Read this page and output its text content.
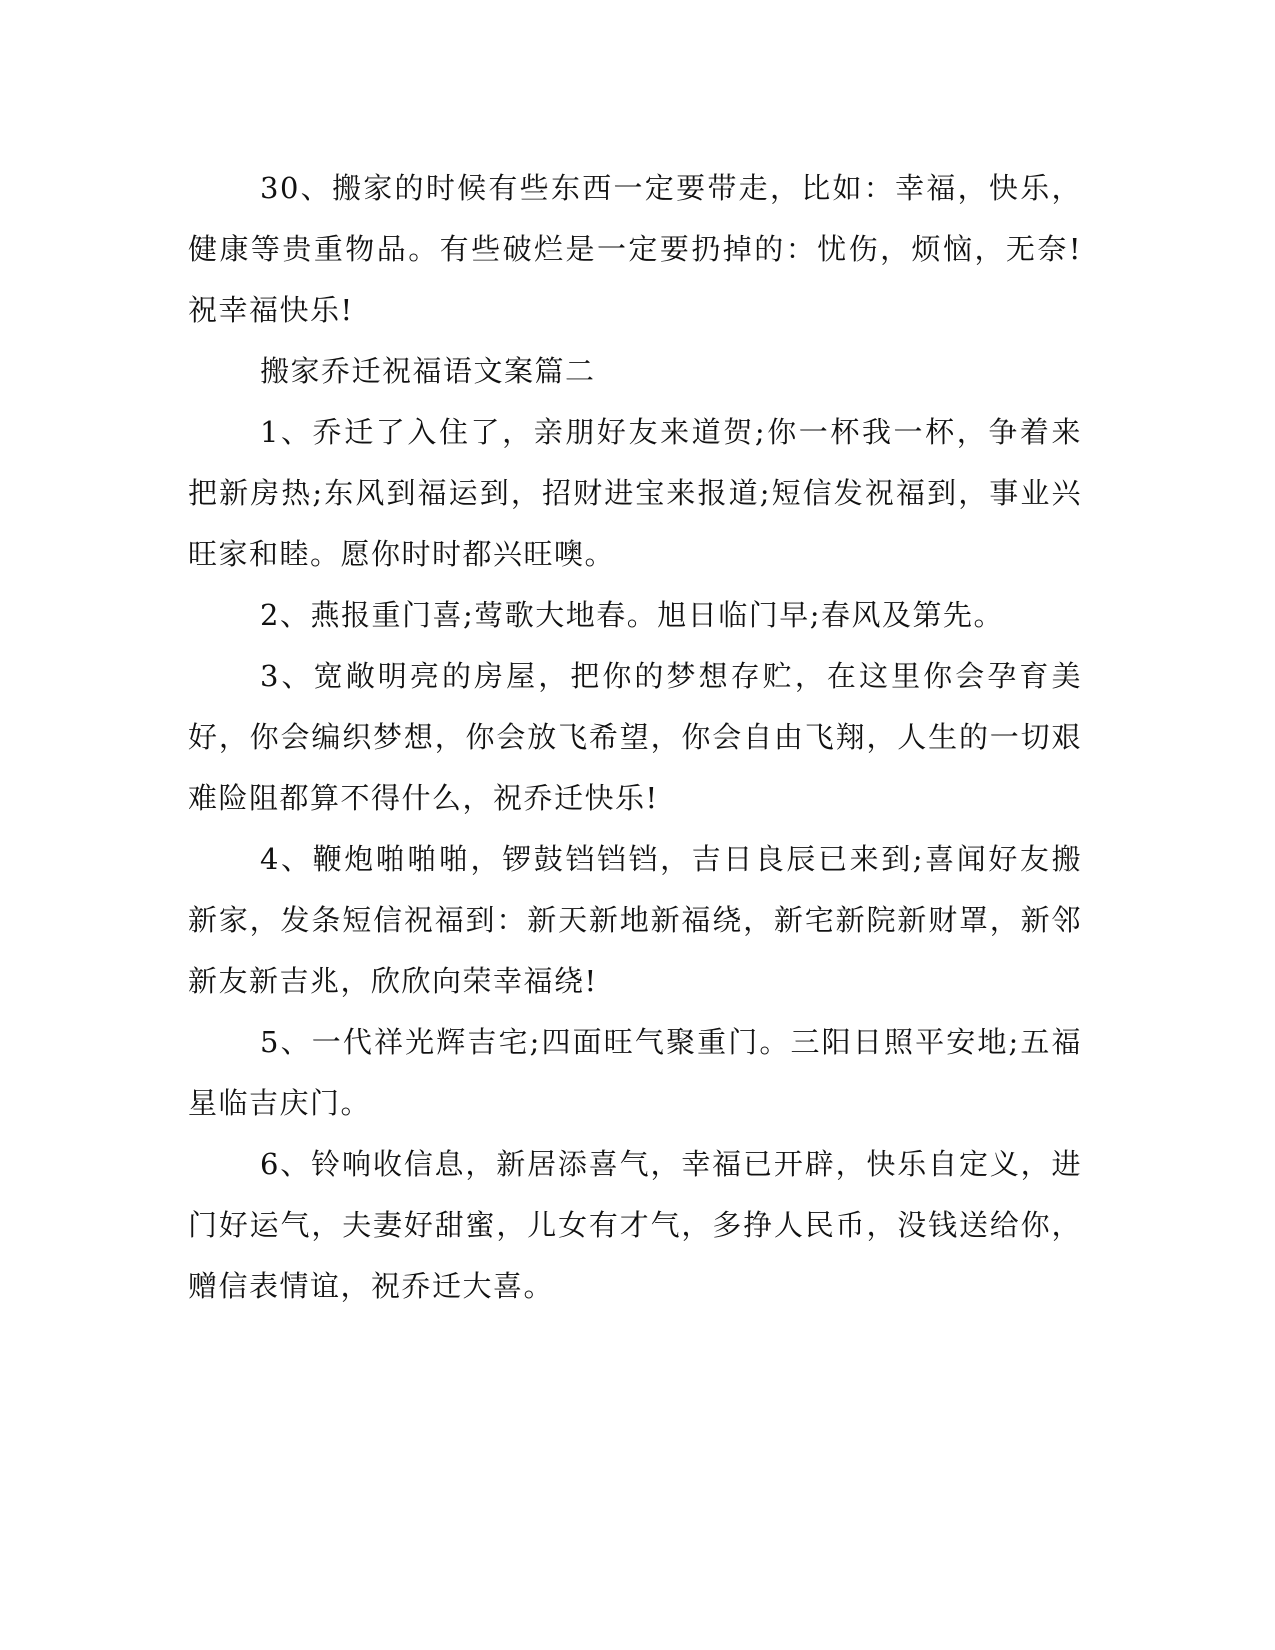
30、搬家的时候有些东西一定要带走，比如：幸福，快乐，健康等贵重物品。有些破烂是一定要扔掉的：忧伤，烦恼，无奈!祝幸福快乐!

搬家乔迁祝福语文案篇二

1、乔迁了入住了，亲朋好友来道贺;你一杯我一杯，争着来把新房热;东风到福运到，招财进宝来报道;短信发祝福到，事业兴旺家和睦。愿你时时都兴旺噢。

2、燕报重门喜;莺歌大地春。旭日临门早;春风及第先。

3、宽敞明亮的房屋，把你的梦想存贮，在这里你会孕育美好，你会编织梦想，你会放飞希望，你会自由飞翔，人生的一切艰难险阻都算不得什么，祝乔迁快乐!

4、鞭炮啪啪啪，锣鼓铛铛铛，吉日良辰已来到;喜闻好友搬新家，发条短信祝福到：新天新地新福绕，新宅新院新财罩，新邻新友新吉兆，欣欣向荣幸福绕!

5、一代祥光辉吉宅;四面旺气聚重门。三阳日照平安地;五福星临吉庆门。

6、铃响收信息，新居添喜气，幸福已开辟，快乐自定义，进门好运气，夫妻好甜蜜，儿女有才气，多挣人民币，没钱送给你，赠信表情谊，祝乔迁大喜。
